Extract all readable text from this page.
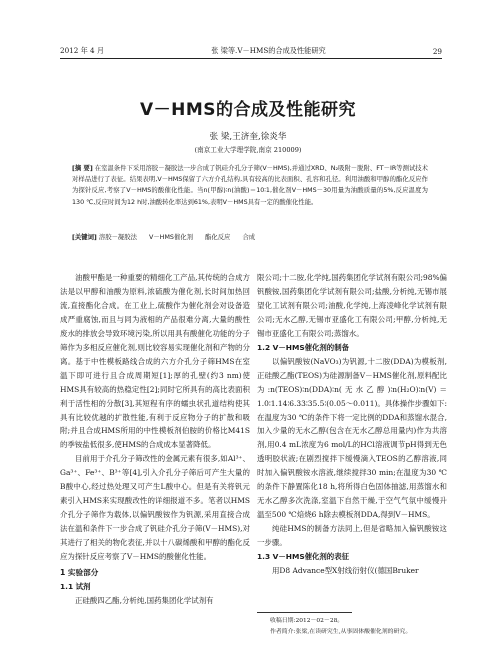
2012 年 4 月	张 梁等.V－HMS的合成及性能研究	29
V－HMS的合成及性能研究
张 梁,王济奎,徐炎华
(南京工业大学理学院,南京 210009)
[摘 要] 在室温条件下采用溶胶－凝胶法一步合成了钒硅介孔分子筛(V－HMS),并通过XRD、N₂吸附－脱附、FT－IR等测试技术对样品进行了表征。结果表明,V－HMS保留了六方介孔结构,具有较高的比表面积、孔容和孔径。利用油酸和甲醇的酯化反应作为探针反应,考察了V－HMS的酸催化性能。当n(甲醇)∶n(油酸)＝10∶1,催化剂V－HMS－30用量为油酸质量的5%,反应温度为130 ℃,反应时间为12 h时,油酸转化率达到61%,表明V－HMS具有一定的酸催化性能。
[关键词] 溶胶－凝胶法 V－HMS催化剂 酯化反应 合成

油酸甲酯是一种重要的精细化工产品,其传统的合成方法是以甲醇和油酸为原料,浓硫酸为催化剂,长时间加热回流,直接酯化合成。在工业上,硫酸作为催化剂会对设备造成严重腐蚀,而且与同为液相的产品很难分离,大量的酸性废水的排放会导致环境污染,所以用具有酸催化功能的分子筛作为多相反应催化剂,则比较容易实现催化剂和产物的分离。基于中性模板路线合成的六方介孔分子筛HMS在室温下即可进行且合成周期短[1];厚的孔壁(约3 nm)使HMS具有较高的热稳定性[2];同时它所具有的高比表面积利于活性相的分散[3],其短程有序的蠕虫状孔道结构使其具有比较优越的扩散性能,有利于反应物分子的扩散和吸附;并且合成HMS所用的中性模板剂伯胺的价格比M41S的季铵盐低很多,使HMS的合成成本显著降低。

目前用于介孔分子筛改性的金属元素有很多,如Al³⁺、Ga³⁺、Fe³⁺、B³⁺等[4],引入介孔分子筛后可产生大量的B酸中心,经过热处理又可产生L酸中心。但是有关将钒元素引入HMS来实现酸改性的详细报道不多。笔者以HMS介孔分子筛作为载体,以偏钒酸铵作为钒源,采用直接合成法在温和条件下一步合成了钒硅介孔分子筛(V－HMS),对其进行了相关的物化表征,并以十八碳烯酸和甲醇的酯化反应为探针反应考察了V－HMS的酸催化性能。

1 实验部分
1.1 试剂

正硅酸四乙酯,分析纯,国药集团化学试剂有

限公司;十二胺,化学纯,国药集团化学试剂有限公司;98%偏钒酸铵,国药集团化学试剂有限公司;盐酸,分析纯,无锡市展望化工试剂有限公司;油酸,化学纯,上海凌峰化学试剂有限公司;无水乙醇,无锡市亚盛化工有限公司;甲醇,分析纯,无锡市亚盛化工有限公司;蒸馏水。

1.2 V－HMS催化剂的制备

以偏钒酸铵(NaVO₃)为钒源,十二胺(DDA)为模板剂,正硅酸乙酯(TEOS)为硅源制备V－HMS催化剂,原料配比为:n(TEOS)∶n(DDA)∶n(无水乙醇)∶n(H₂O)∶n(V)＝1.0∶1.14∶6.33∶35.5∶(0.05～0.011)。具体操作步骤如下:在温度为30 ℃的条件下将一定比例的DDA和蒸馏水混合,加入少量的无水乙醇(包含在无水乙醇总用量内)作为共溶剂,用0.4 mL浓度为6 mol/L的HCl溶液调节pH得到无色透明胶状液;在剧烈搅拌下缓慢滴入TEOS的乙醇溶液,同时加入偏钒酸铵水溶液,继续搅拌30 min;在温度为30 ℃的条件下静置陈化18 h,将所得白色固体抽滤,用蒸馏水和无水乙醇多次洗涤,室温下自然干燥,于空气气氛中缓慢升温至500 ℃焙烧6 h除去模板剂DDA,得到V－HMS。

纯硅HMS的制备方法同上,但是省略加入偏钒酸铵这一步骤。

1.3 V－HMS催化剂的表征

用D8 Advance型X射线衍射仪(德国Bruker

收稿日期:2012－02－28。
作者简介:张梁,在读研究生,从事固体酸催化剂的研究。
